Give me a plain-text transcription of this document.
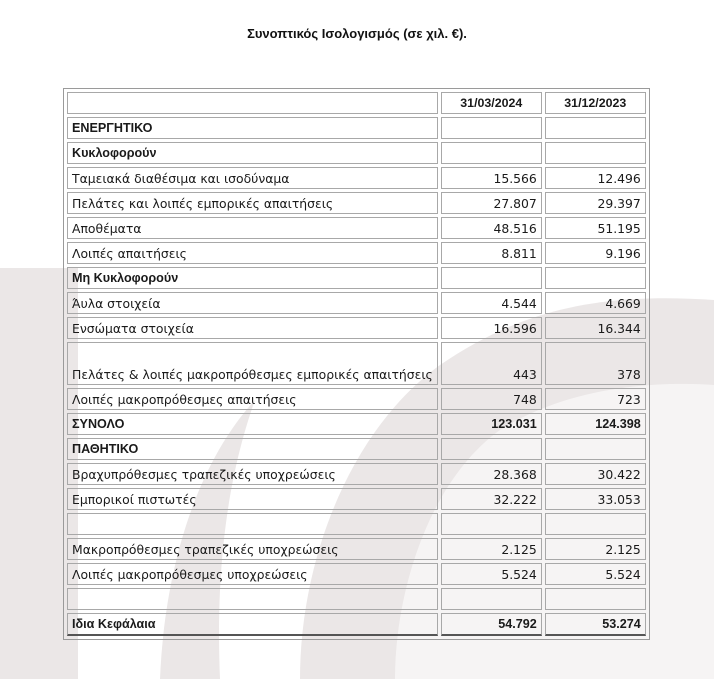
Συνοπτικός Ισολογισμός (σε χιλ. €).
	31/03/2024	31/12/2023
ΕΝΕΡΓΗΤΙΚΟ		
Κυκλοφορούν		
Ταμειακά διαθέσιμα και ισοδύναμα	15.566	12.496
Πελάτες και λοιπές εμπορικές απαιτήσεις	27.807	29.397
Αποθέματα	48.516	51.195
Λοιπές απαιτήσεις	8.811	9.196
Μη Κυκλοφορούν		
Άυλα στοιχεία	4.544	4.669
Ενσώματα στοιχεία	16.596	16.344
Πελάτες & λοιπές μακροπρόθεσμες εμπορικές απαιτήσεις	443	378
Λοιπές μακροπρόθεσμες απαιτήσεις	748	723
ΣΥΝΟΛΟ	123.031	124.398
ΠΑΘΗΤΙΚΟ		
Βραχυπρόθεσμες τραπεζικές υποχρεώσεις	28.368	30.422
Εμπορικοί πιστωτές	32.222	33.053

Μακροπρόθεσμες τραπεζικές υποχρεώσεις	2.125	2.125
Λοιπές μακροπρόθεσμες υποχρεώσεις	5.524	5.524

Ιδια Κεφάλαια	54.792	53.274
